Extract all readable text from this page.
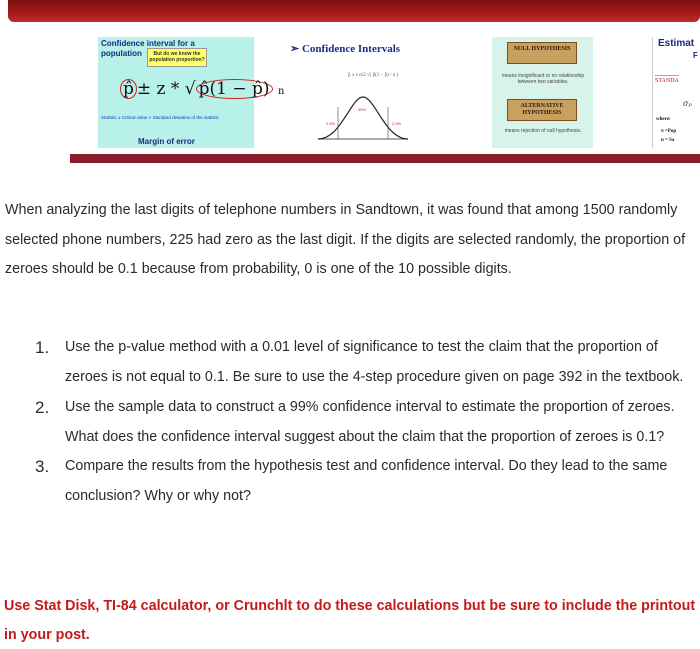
Confidence interval for a
population	But do we know the population proportion?
p̂ ± z * √ p̂(1 − p̂) n
Statistic ± Critical value × Standard deviation of the statistic
Margin of error
➢ Confidence Intervals
p̂ ± z α/2 √( p̂(1 − p̂) / n )
2.5%
95%
2.5%
NULL HYPOTHESIS
means insignificant or no relationship between two variables.
ALTERNATIVE HYPOTHESIS
means rejection of null hypothesis.
Estimat
F
STANDA
σₚ
where:
π =Pop
n = Sa

When analyzing the last digits of telephone numbers in Sandtown, it was found that among 1500 randomly selected phone numbers, 225 had zero as the last digit. If the digits are selected randomly, the proportion of zeroes should be 0.1 because from probability, 0 is one of the 10 possible digits.

1. Use the p-value method with a 0.01 level of significance to test the claim that the proportion of zeroes is not equal to 0.1. Be sure to use the 4-step procedure given on page 392 in the textbook.
2. Use the sample data to construct a 99% confidence interval to estimate the proportion of zeroes. What does the confidence interval suggest about the claim that the proportion of zeroes is 0.1?
3. Compare the results from the hypothesis test and confidence interval. Do they lead to the same conclusion? Why or why not?

Use Stat Disk, TI-84 calculator, or Crunchlt to do these calculations but be sure to include the printout in your post.
